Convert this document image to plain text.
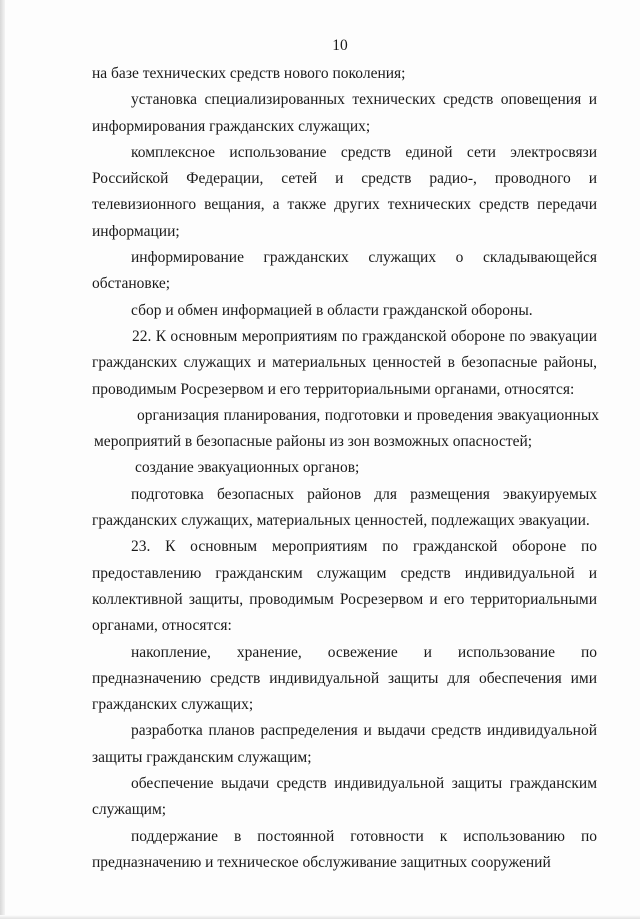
10

на базе технических средств нового поколения;

установка специализированных технических средств оповещения и информирования гражданских служащих;

комплексное использование средств единой сети электросвязи Российской Федерации, сетей и средств радио-, проводного и телевизионного вещания, а также других технических средств передачи информации;

информирование гражданских служащих о складывающейся обстановке;

сбор и обмен информацией в области гражданской обороны.

22. К основным мероприятиям по гражданской обороне по эвакуации гражданских служащих и материальных ценностей в безопасные районы, проводимым Росрезервом и его территориальными органами, относятся:

организация планирования, подготовки и проведения эвакуационных мероприятий в безопасные районы из зон возможных опасностей;

создание эвакуационных органов;

подготовка безопасных районов для размещения эвакуируемых гражданских служащих, материальных ценностей, подлежащих эвакуации.

23. К основным мероприятиям по гражданской обороне по предоставлению гражданским служащим средств индивидуальной и коллективной защиты, проводимым Росрезервом и его территориальными органами, относятся:

накопление, хранение, освежение и использование по предназначению средств индивидуальной защиты для обеспечения ими гражданских служащих;

разработка планов распределения и выдачи средств индивидуальной защиты гражданским служащим;

обеспечение выдачи средств индивидуальной защиты гражданским служащим;

поддержание в постоянной готовности к использованию по предназначению и техническое обслуживание защитных сооружений
